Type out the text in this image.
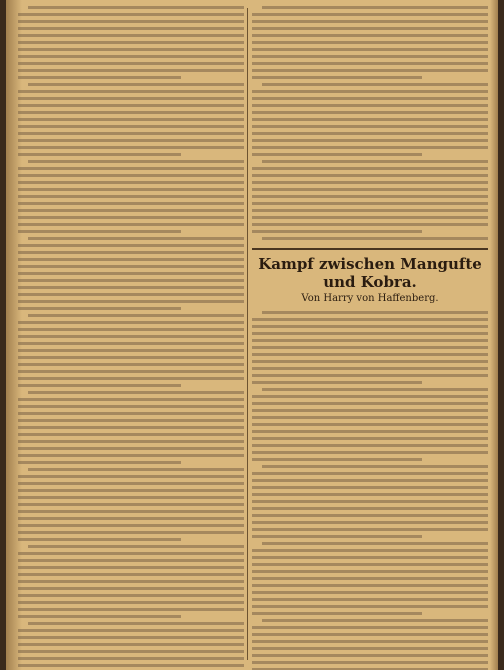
Kampf zwischen Mangufte und Kobra.
Von Harry von Haffenberg.
